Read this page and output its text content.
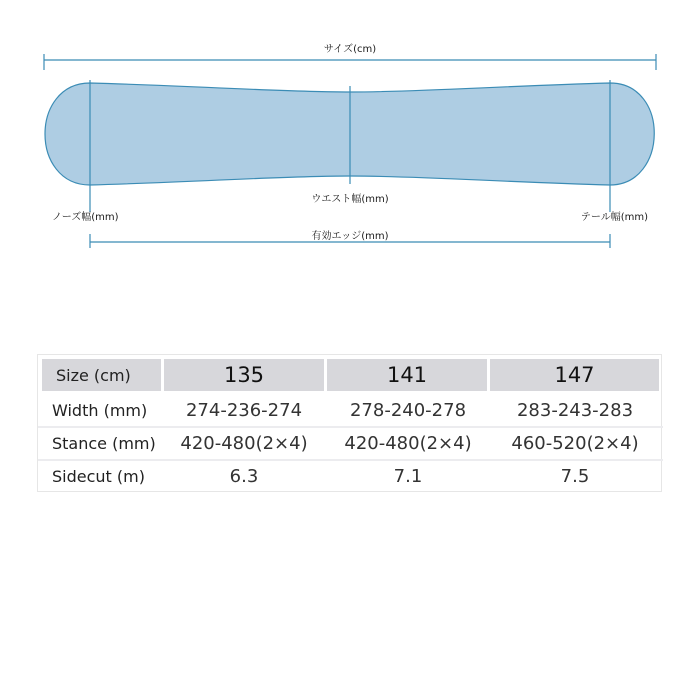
サイズ(cm)
ウエスト幅(mm)
ノーズ幅(mm)	テール幅(mm)
有効エッジ(mm)
Size (cm)	135	141	147
Width (mm)	274-236-274	278-240-278	283-243-283
Stance (mm)	420-480(2×4)	420-480(2×4)	460-520(2×4)
Sidecut (m)	6.3	7.1	7.5
